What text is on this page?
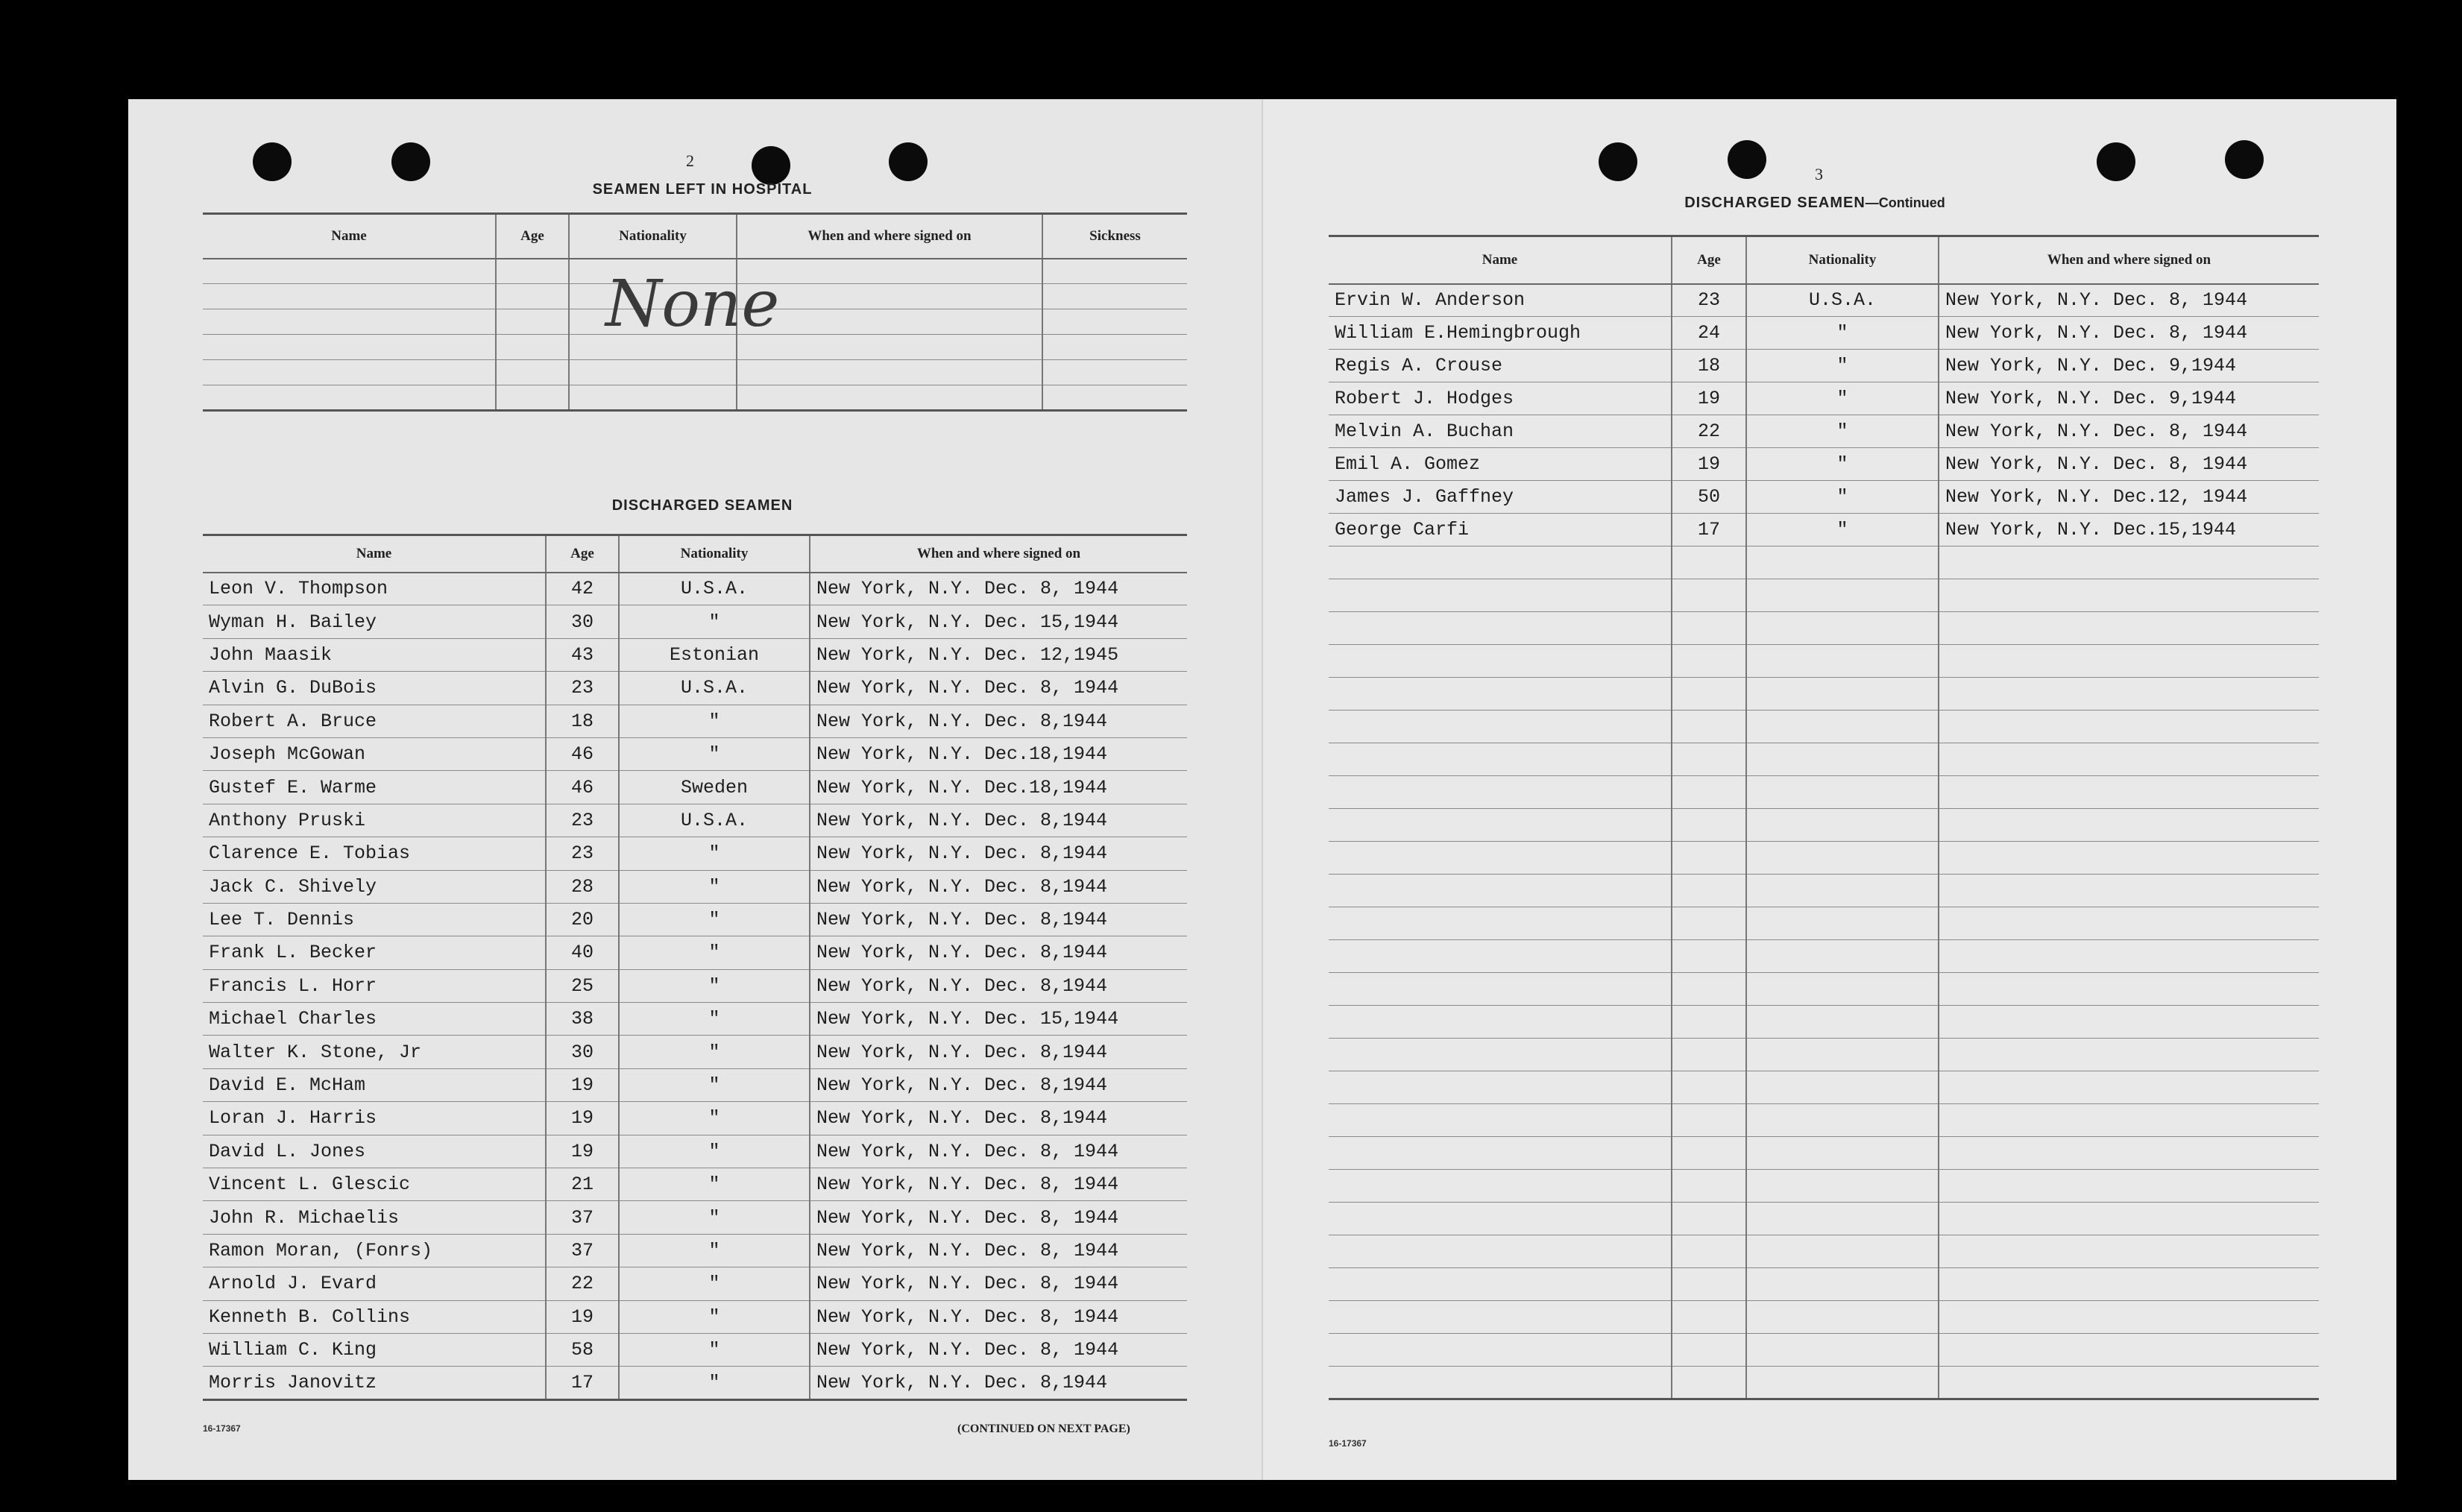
2
SEAMEN LEFT IN HOSPITAL
Name	Age	Nationality	When and where signed on	Sickness

None
DISCHARGED SEAMEN
Name	Age	Nationality	When and where signed on
Leon V. Thompson	42	U.S.A.	New York, N.Y. Dec. 8, 1944
Wyman H. Bailey	30	"	New York, N.Y. Dec. 15,1944
John Maasik	43	Estonian	New York, N.Y. Dec. 12,1945
Alvin G. DuBois	23	U.S.A.	New York, N.Y. Dec. 8, 1944
Robert A. Bruce	18	"	New York, N.Y. Dec. 8,1944
Joseph McGowan	46	"	New York, N.Y. Dec.18,1944
Gustef E. Warme	46	Sweden	New York, N.Y. Dec.18,1944
Anthony Pruski	23	U.S.A.	New York, N.Y. Dec. 8,1944
Clarence E. Tobias	23	"	New York, N.Y. Dec. 8,1944
Jack C. Shively	28	"	New York, N.Y. Dec. 8,1944
Lee T. Dennis	20	"	New York, N.Y. Dec. 8,1944
Frank L. Becker	40	"	New York, N.Y. Dec. 8,1944
Francis L. Horr	25	"	New York, N.Y. Dec. 8,1944
Michael Charles	38	"	New York, N.Y. Dec. 15,1944
Walter K. Stone, Jr	30	"	New York, N.Y. Dec. 8,1944
David E. McHam	19	"	New York, N.Y. Dec. 8,1944
Loran J. Harris	19	"	New York, N.Y. Dec. 8,1944
David L. Jones	19	"	New York, N.Y. Dec. 8, 1944
Vincent L. Glescic	21	"	New York, N.Y. Dec. 8, 1944
John R. Michaelis	37	"	New York, N.Y. Dec. 8, 1944
Ramon Moran, (Fonrs)	37	"	New York, N.Y. Dec. 8, 1944
Arnold J. Evard	22	"	New York, N.Y. Dec. 8, 1944
Kenneth B. Collins	19	"	New York, N.Y. Dec. 8, 1944
William C. King	58	"	New York, N.Y. Dec. 8, 1944
Morris Janovitz	17	"	New York, N.Y. Dec. 8,1944
16-17367	(CONTINUED ON NEXT PAGE)
3
DISCHARGED SEAMEN—Continued
Name	Age	Nationality	When and where signed on
Ervin W. Anderson	23	U.S.A.	New York, N.Y. Dec. 8, 1944
William E.Hemingbrough	24	"	New York, N.Y. Dec. 8, 1944
Regis A. Crouse	18	"	New York, N.Y. Dec. 9,1944
Robert J. Hodges	19	"	New York, N.Y. Dec. 9,1944
Melvin A. Buchan	22	"	New York, N.Y. Dec. 8, 1944
Emil A. Gomez	19	"	New York, N.Y. Dec. 8, 1944
James J. Gaffney	50	"	New York, N.Y. Dec.12, 1944
George Carfi	17	"	New York, N.Y. Dec.15,1944

16-17367
